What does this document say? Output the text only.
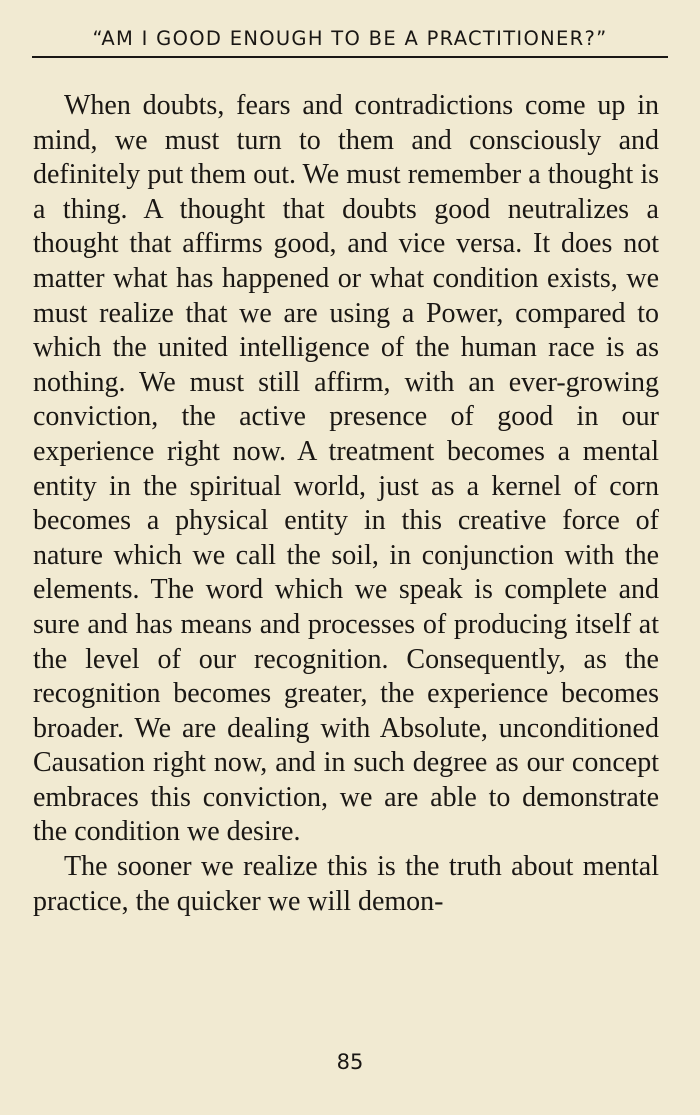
“AM I GOOD ENOUGH TO BE A PRACTITIONER?”

When doubts, fears and contradictions come up in mind, we must turn to them and consciously and definitely put them out. We must remember a thought is a thing. A thought that doubts good neutralizes a thought that affirms good, and vice versa. It does not matter what has happened or what condition exists, we must realize that we are using a Power, compared to which the united intelligence of the human race is as nothing. We must still affirm, with an ever-growing conviction, the active presence of good in our experience right now. A treatment becomes a mental entity in the spiritual world, just as a kernel of corn becomes a physical entity in this creative force of nature which we call the soil, in conjunction with the elements. The word which we speak is complete and sure and has means and processes of producing itself at the level of our recognition. Consequently, as the recognition becomes greater, the experience becomes broader. We are dealing with Absolute, unconditioned Causation right now, and in such degree as our concept embraces this conviction, we are able to demonstrate the condition we desire.

The sooner we realize this is the truth about mental practice, the quicker we will demon-

85
